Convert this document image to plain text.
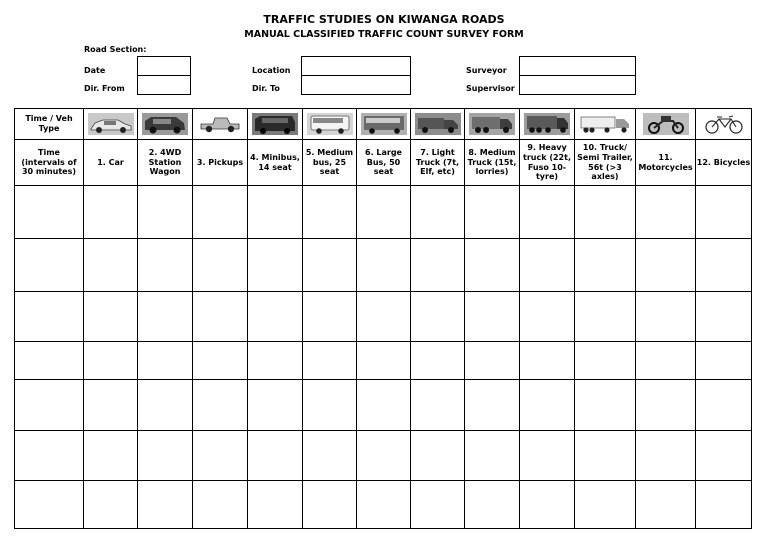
TRAFFIC STUDIES ON KIWANGA ROADS
MANUAL CLASSIFIED TRAFFIC COUNT SURVEY FORM
Road Section:
Date
Dir. From
Location
Dir. To
Surveyor
Supervisor
Time / Veh Type	

Time (intervals of 30 minutes)	1. Car	2. 4WD Station Wagon	3. Pickups	4. Minibus, 14 seat	5. Medium bus, 25 seat	6. Large Bus, 50 seat	7. Light Truck (7t, Elf, etc)	8. Medium Truck (15t, lorries)	9. Heavy truck (22t, Fuso 10-tyre)	10. Truck/ Semi Trailer, 56t (>3 axles)	11. Motorcycles	12. Bicycles
